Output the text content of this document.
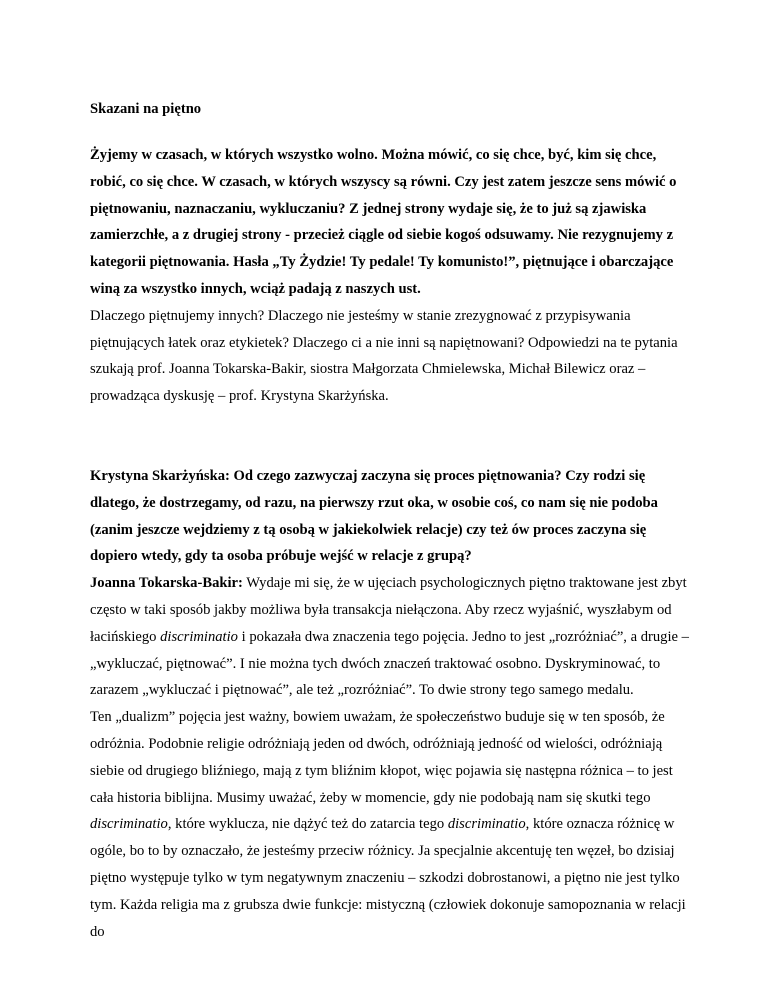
Skazani na piętno

Żyjemy w czasach, w których wszystko wolno. Można mówić, co się chce, być, kim się chce, robić, co się chce. W czasach, w których wszyscy są równi. Czy jest zatem jeszcze sens mówić o piętnowaniu, naznaczaniu, wykluczaniu? Z jednej strony wydaje się, że to już są zjawiska zamierzchłe, a z drugiej strony - przecież ciągle od siebie kogoś odsuwamy. Nie rezygnujemy z kategorii piętnowania. Hasła „Ty Żydzie! Ty pedale! Ty komunisto!”, piętnujące i obarczające winą za wszystko innych, wciąż padają z naszych ust.

Dlaczego piętnujemy innych? Dlaczego nie jesteśmy w stanie zrezygnować z przypisywania piętnujących łatek oraz etykietek? Dlaczego ci a nie inni są napiętnowani? Odpowiedzi na te pytania szukają prof. Joanna Tokarska-Bakir, siostra Małgorzata Chmielewska, Michał Bilewicz oraz – prowadząca dyskusję – prof. Krystyna Skarżyńska.

Krystyna Skarżyńska: Od czego zazwyczaj zaczyna się proces piętnowania? Czy rodzi się dlatego, że dostrzegamy, od razu, na pierwszy rzut oka, w osobie coś, co nam się nie podoba (zanim jeszcze wejdziemy z tą osobą w jakiekolwiek relacje) czy też ów proces zaczyna się dopiero wtedy, gdy ta osoba próbuje wejść w relacje z grupą?

Joanna Tokarska-Bakir: Wydaje mi się, że w ujęciach psychologicznych piętno traktowane jest zbyt często w taki sposób jakby możliwa była transakcja niełączona. Aby rzecz wyjaśnić, wyszłabym od łacińskiego discriminatio i pokazała dwa znaczenia tego pojęcia. Jedno to jest „rozróżniać”, a drugie – „wykluczać, piętnować”. I nie można tych dwóch znaczeń traktować osobno. Dyskryminować, to zarazem „wykluczać i piętnować”, ale też „rozróżniać”. To dwie strony tego samego medalu.

Ten „dualizm” pojęcia jest ważny, bowiem uważam, że społeczeństwo buduje się w ten sposób, że odróżnia. Podobnie religie odróżniają jeden od dwóch, odróżniają jedność od wielości, odróżniają siebie od drugiego bliźniego, mają z tym bliźnim kłopot, więc pojawia się następna różnica – to jest cała historia biblijna. Musimy uważać, żeby w momencie, gdy nie podobają nam się skutki tego discriminatio, które wyklucza, nie dążyć też do zatarcia tego discriminatio, które oznacza różnicę w ogóle, bo to by oznaczało, że jesteśmy przeciw różnicy. Ja specjalnie akcentuję ten węzeł, bo dzisiaj piętno występuje tylko w tym negatywnym znaczeniu – szkodzi dobrostanowi, a piętno nie jest tylko tym. Każda religia ma z grubsza dwie funkcje: mistyczną (człowiek dokonuje samopoznania w relacji do
